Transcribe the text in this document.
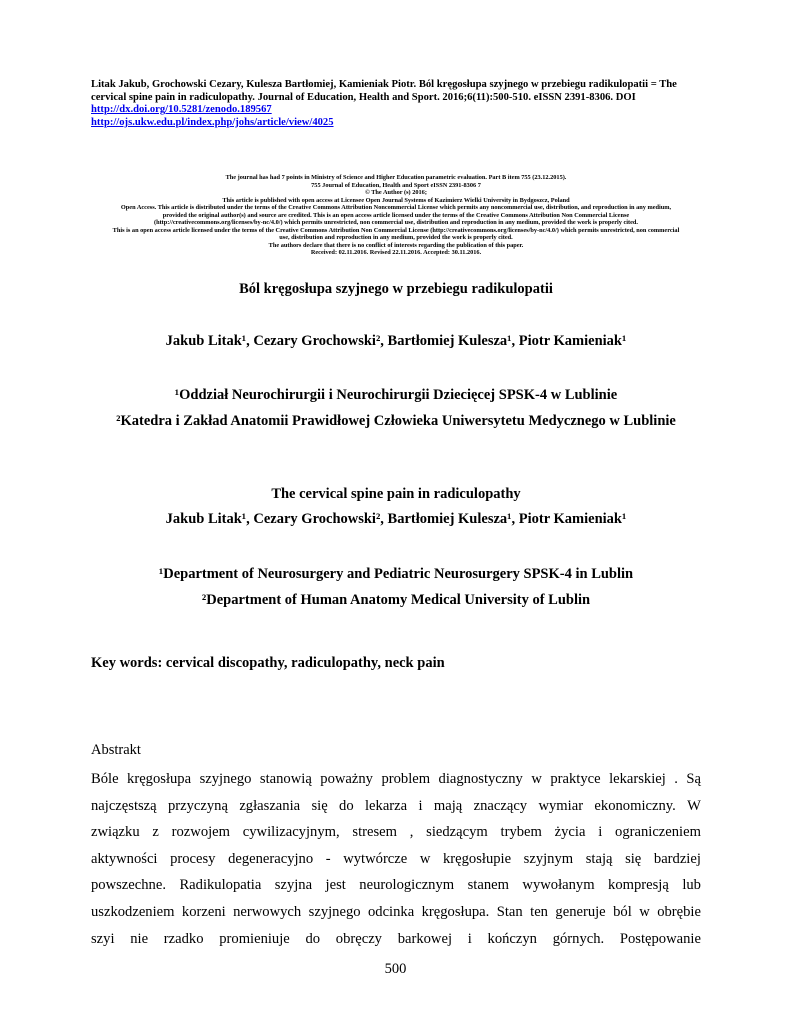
Litak Jakub, Grochowski Cezary, Kulesza Bartłomiej, Kamieniak Piotr. Ból kręgosłupa szyjnego w przebiegu radikulopatii = The
cervical spine pain in radiculopathy. Journal of Education, Health and Sport. 2016;6(11):500-510. eISSN 2391-8306. DOI
http://dx.doi.org/10.5281/zenodo.189567
http://ojs.ukw.edu.pl/index.php/johs/article/view/4025
The journal has had 7 points in Ministry of Science and Higher Education parametric evaluation. Part B item 755 (23.12.2015).
755 Journal of Education, Health and Sport eISSN 2391-8306 7
© The Author (s) 2016;
This article is published with open access at Licensee Open Journal Systems of Kazimierz Wielki University in Bydgoszcz, Poland
Open Access. This article is distributed under the terms of the Creative Commons Attribution Noncommercial License which permits any noncommercial use, distribution, and reproduction in any medium,
provided the original author(s) and source are credited. This is an open access article licensed under the terms of the Creative Commons Attribution Non Commercial License
(http://creativecommons.org/licenses/by-nc/4.0/) which permits unrestricted, non commercial use, distribution and reproduction in any medium, provided the work is properly cited.
This is an open access article licensed under the terms of the Creative Commons Attribution Non Commercial License (http://creativecommons.org/licenses/by-nc/4.0/) which permits unrestricted, non commercial
use, distribution and reproduction in any medium, provided the work is properly cited.
The authors declare that there is no conflict of interests regarding the publication of this paper.
Received: 02.11.2016. Revised 22.11.2016. Accepted: 30.11.2016.
Ból kręgosłupa szyjnego w przebiegu radikulopatii
Jakub Litak¹, Cezary Grochowski², Bartłomiej Kulesza¹, Piotr Kamieniak¹
¹Oddział Neurochirurgii i Neurochirurgii Dziecięcej SPSK-4 w Lublinie
²Katedra i Zakład Anatomii Prawidłowej Człowieka Uniwersytetu Medycznego w Lublinie
The cervical spine pain in radiculopathy
Jakub Litak¹, Cezary Grochowski², Bartłomiej Kulesza¹, Piotr Kamieniak¹
¹Department of Neurosurgery and Pediatric Neurosurgery SPSK-4 in Lublin
²Department of Human Anatomy Medical University of Lublin
Key words: cervical discopathy, radiculopathy, neck pain
Abstrakt
Bóle kręgosłupa szyjnego stanowią poważny problem diagnostyczny w praktyce lekarskiej . Są
najczęstszą przyczyną zgłaszania się do lekarza i mają znaczący wymiar ekonomiczny. W
związku z rozwojem cywilizacyjnym, stresem , siedzącym trybem życia i ograniczeniem
aktywności procesy degeneracyjno - wytwórcze w kręgosłupie szyjnym stają się bardziej
powszechne. Radikulopatia szyjna jest neurologicznym stanem wywołanym kompresją lub
uszkodzeniem korzeni nerwowych szyjnego odcinka kręgosłupa. Stan ten generuje ból w obrębie
szyi nie rzadko promieniuje do obręczy barkowej i kończyn górnych. Postępowanie
500
